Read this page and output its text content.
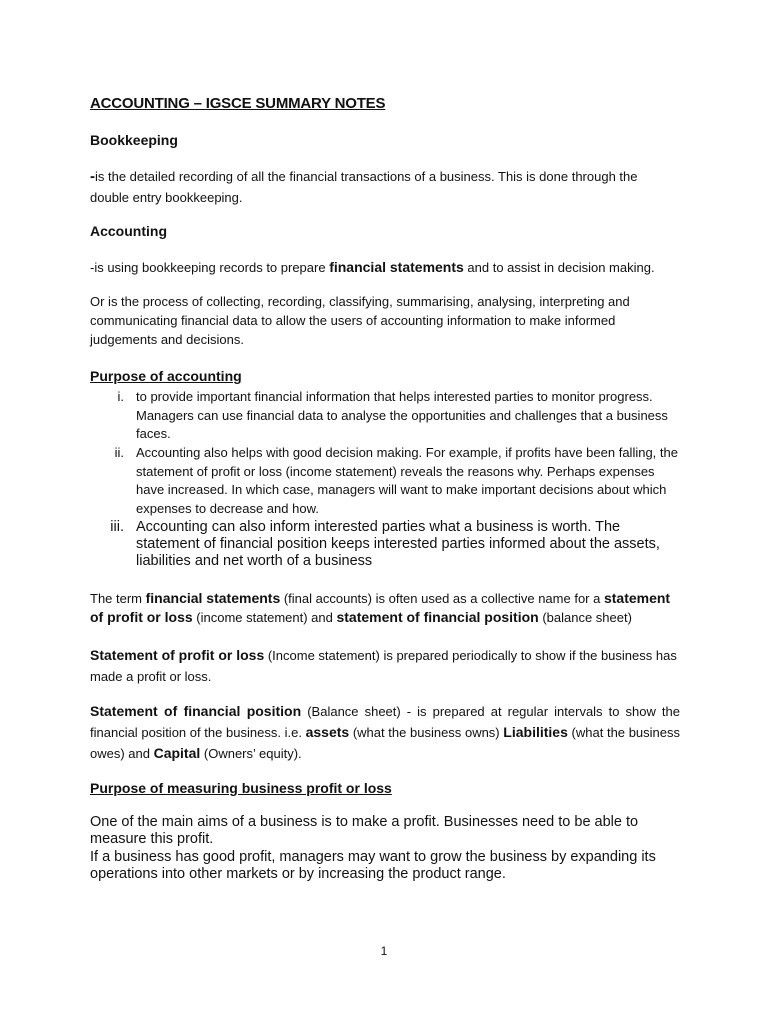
ACCOUNTING – IGSCE SUMMARY NOTES
Bookkeeping

-is the detailed recording of all the financial transactions of a business. This is done through the double entry bookkeeping.

Accounting

-is using bookkeeping records to prepare financial statements and to assist in decision making.

Or is the process of collecting, recording, classifying, summarising, analysing, interpreting and communicating financial data to allow the users of accounting information to make informed judgements and decisions.

Purpose of accounting
i. to provide important financial information that helps interested parties to monitor progress. Managers can use financial data to analyse the opportunities and challenges that a business faces.
ii. Accounting also helps with good decision making. For example, if profits have been falling, the statement of profit or loss (income statement) reveals the reasons why. Perhaps expenses have increased. In which case, managers will want to make important decisions about which expenses to decrease and how.
iii. Accounting can also inform interested parties what a business is worth. The statement of financial position keeps interested parties informed about the assets, liabilities and net worth of a business

The term financial statements (final accounts) is often used as a collective name for a statement of profit or loss (income statement) and statement of financial position (balance sheet)

Statement of profit or loss (Income statement) is prepared periodically to show if the business has made a profit or loss.

Statement of financial position (Balance sheet) - is prepared at regular intervals to show the financial position of the business. i.e. assets (what the business owns) Liabilities (what the business owes) and Capital (Owners’ equity).

Purpose of measuring business profit or loss

One of the main aims of a business is to make a profit. Businesses need to be able to measure this profit.

If a business has good profit, managers may want to grow the business by expanding its operations into other markets or by increasing the product range.

1
